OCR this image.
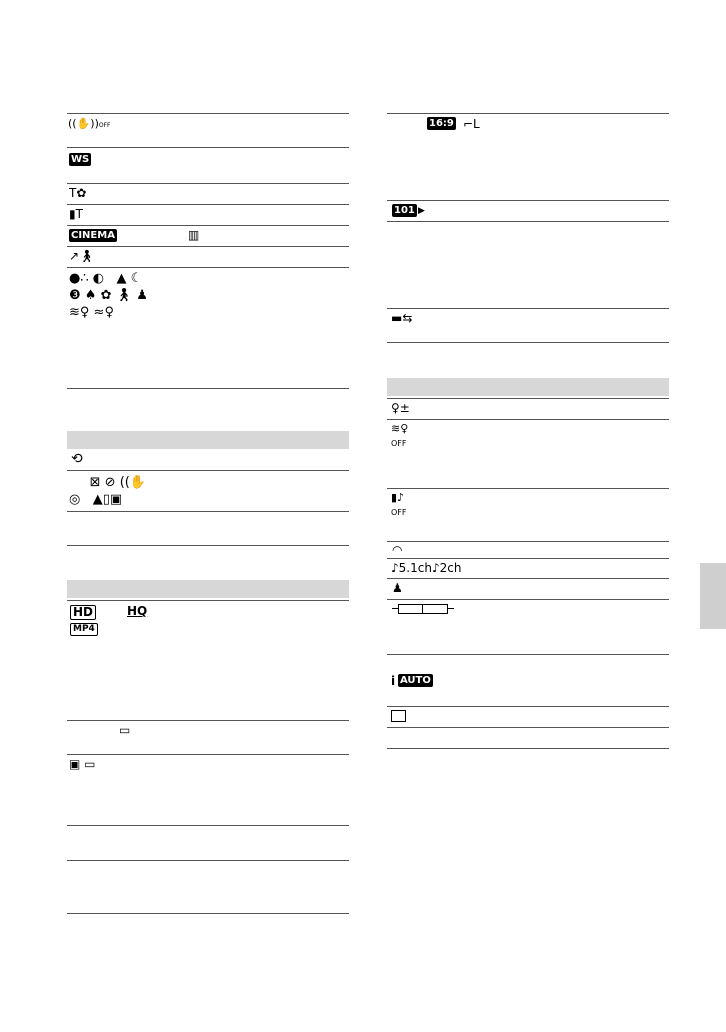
((✋))OFF
WS
T✿
▮T
CINEMA	▥
↗🚶︎
●∴ ◐   ▲ ☾
❸ ♠ ✿ 🚶︎ ♟
≋♀ ≈♀
⟲
⊠ ⊘ ((✋
◎   ▲▯▣
HD	HQ
MP4
▭
▣ ▭
16:9 ⌐L
101 ▶
▬⇆
♀±
≋♀
OFF
▮♪
OFF
◠
♪5.1ch♪2ch
♟
i AUTO
